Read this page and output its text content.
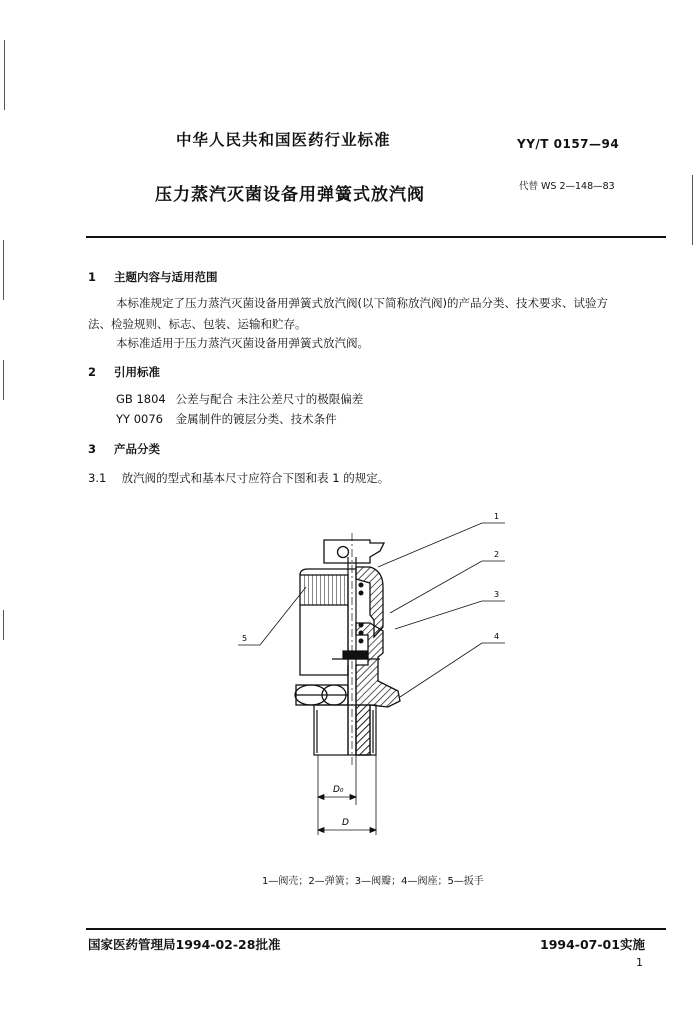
中华人民共和国医药行业标准	YY/T 0157—94
压力蒸汽灭菌设备用弹簧式放汽阀	代替 WS 2—148—83
1 主题内容与适用范围
本标准规定了压力蒸汽灭菌设备用弹簧式放汽阀(以下简称放汽阀)的产品分类、技术要求、试验方
法、检验规则、标志、包装、运输和贮存。
本标准适用于压力蒸汽灭菌设备用弹簧式放汽阀。
2 引用标准
GB 1804 公差与配合 未注公差尺寸的极限偏差
YY 0076 金属制件的镀层分类、技术条件
3 产品分类
3.1 放汽阀的型式和基本尺寸应符合下图和表 1 的规定。
D₀
D
1
2
3
4
5
1—阀壳；2—弹簧；3—阀瓣；4—阀座；5—扳手
国家医药管理局1994-02-28批准	1994-07-01实施
1
